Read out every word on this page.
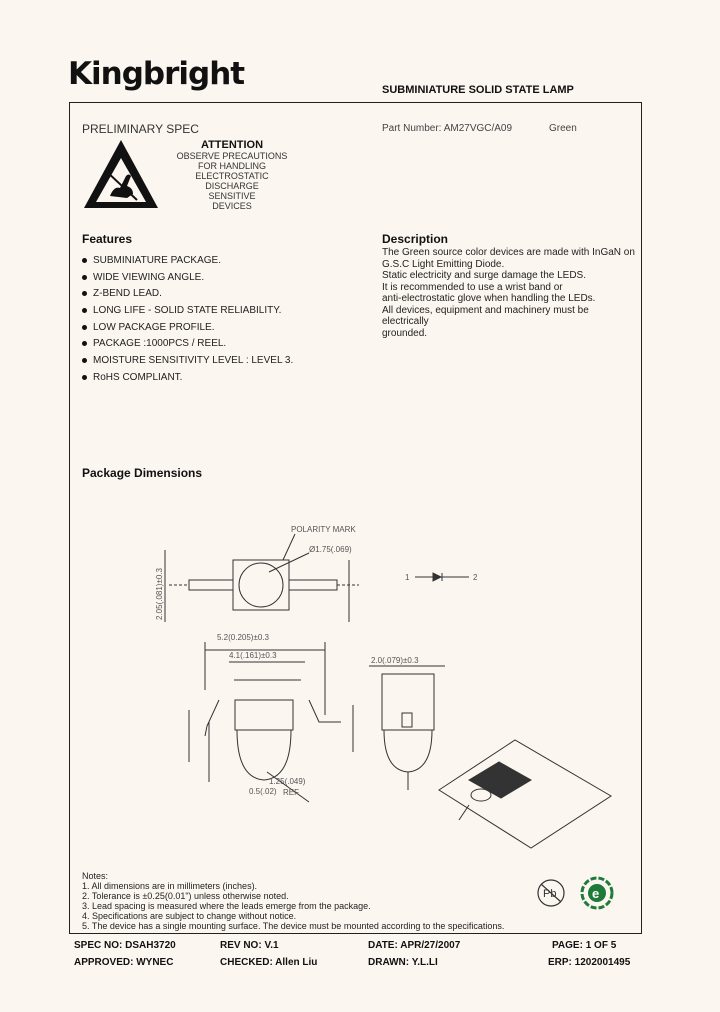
Kingbright	SUBMINIATURE SOLID STATE LAMP
PRELIMINARY SPEC	Part Number: AM27VGC/A09	Green
ATTENTION
OBSERVE PRECAUTIONS
FOR HANDLING
ELECTROSTATIC
DISCHARGE
SENSITIVE
DEVICES
Features
SUBMINIATURE PACKAGE.
WIDE VIEWING ANGLE.
Z-BEND LEAD.
LONG LIFE - SOLID STATE RELIABILITY.
LOW PACKAGE PROFILE.
PACKAGE :1000PCS / REEL.
MOISTURE SENSITIVITY LEVEL : LEVEL 3.
RoHS COMPLIANT.
Description
The Green source color devices are made with InGaN on
G.S.C Light Emitting Diode.
Static electricity and surge damage the LEDS.
It is recommended to use a wrist band or
anti-electrostatic glove when handling the LEDs.
All devices, equipment and machinery must be electrically
grounded.
Package Dimensions
POLARITY MARK
Ø1.75(.069)
5.2(0.205)±0.3
4.1(.161)±0.3
2.0(.079)±0.3
1.25(.049)
0.5(.02) REF
1	2
2.05(.081)±0.3
Notes:
1. All dimensions are in millimeters (inches).
2. Tolerance is ±0.25(0.01") unless otherwise noted.
3. Lead spacing is measured where the leads emerge from the package.
4. Specifications are subject to change without notice.
5. The device has a single mounting surface. The device must be mounted according to the specifications.
Pb	e
SPEC NO: DSAH3720	REV NO: V.1	DATE: APR/27/2007	PAGE: 1 OF 5
APPROVED: WYNEC	CHECKED: Allen Liu	DRAWN: Y.L.LI	ERP: 1202001495
